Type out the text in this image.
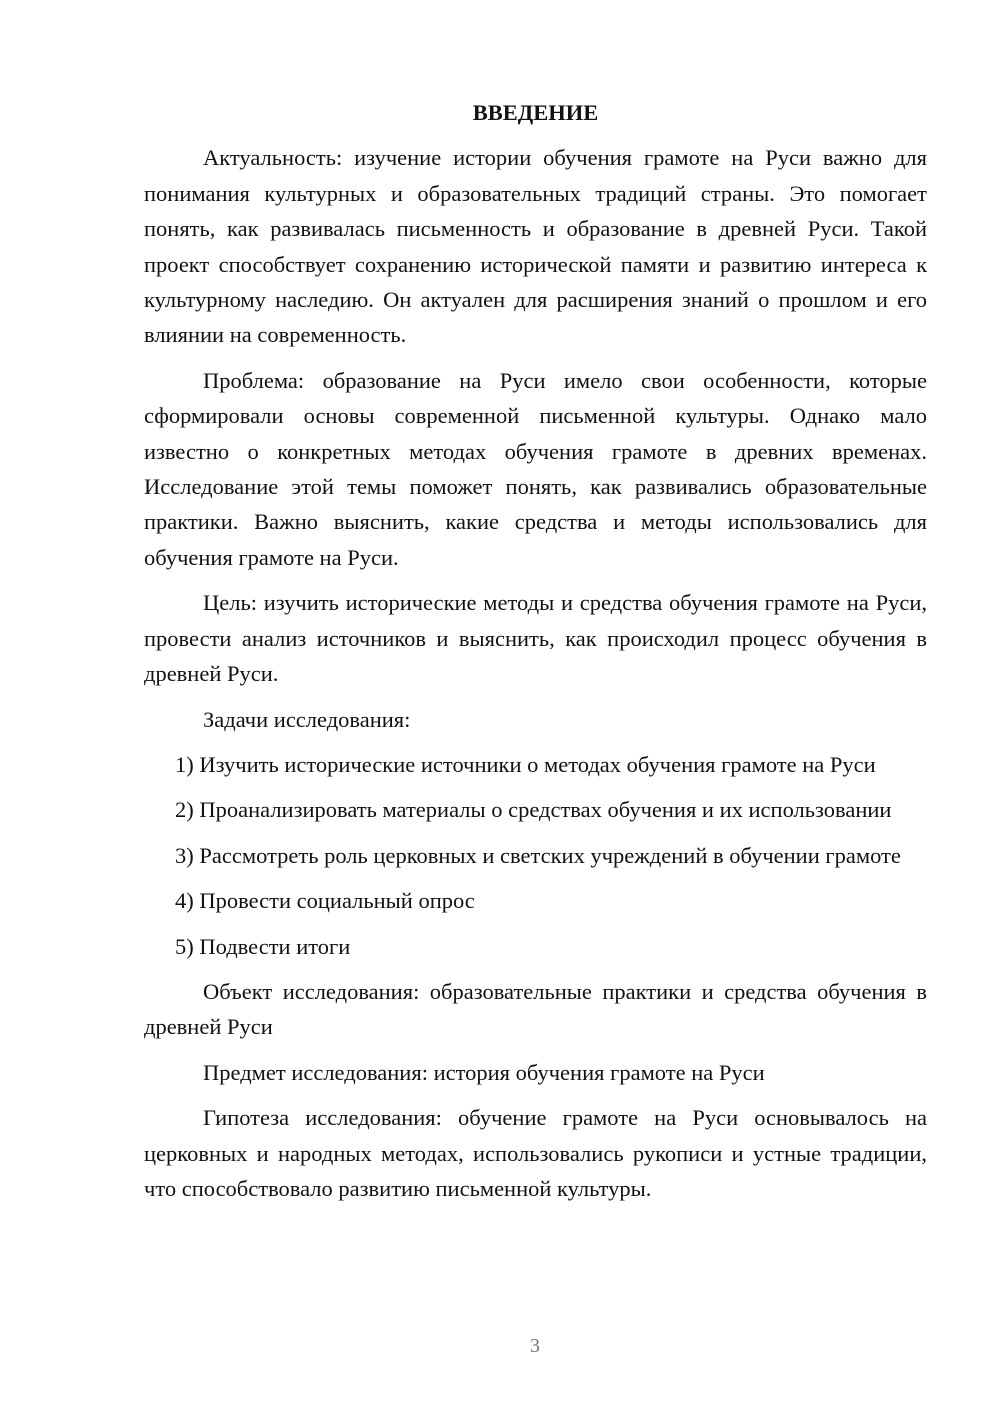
ВВЕДЕНИЕ

Актуальность: изучение истории обучения грамоте на Руси важно для понимания культурных и образовательных традиций страны. Это помогает понять, как развивалась письменность и образование в древней Руси. Такой проект способствует сохранению исторической памяти и развитию интереса к культурному наследию. Он актуален для расширения знаний о прошлом и его влиянии на современность.

Проблема: образование на Руси имело свои особенности, которые сформировали основы современной письменной культуры. Однако мало известно о конкретных методах обучения грамоте в древних временах. Исследование этой темы поможет понять, как развивались образовательные практики. Важно выяснить, какие средства и методы использовались для обучения грамоте на Руси.

Цель: изучить исторические методы и средства обучения грамоте на Руси, провести анализ источников и выяснить, как происходил процесс обучения в древней Руси.

Задачи исследования:

1) Изучить исторические источники о методах обучения грамоте на Руси

2) Проанализировать материалы о средствах обучения и их использовании

3) Рассмотреть роль церковных и светских учреждений в обучении грамоте

4) Провести социальный опрос

5) Подвести итоги

Объект исследования: образовательные практики и средства обучения в древней Руси

Предмет исследования: история обучения грамоте на Руси

Гипотеза исследования: обучение грамоте на Руси основывалось на церковных и народных методах, использовались рукописи и устные традиции, что способствовало развитию письменной культуры.

3
